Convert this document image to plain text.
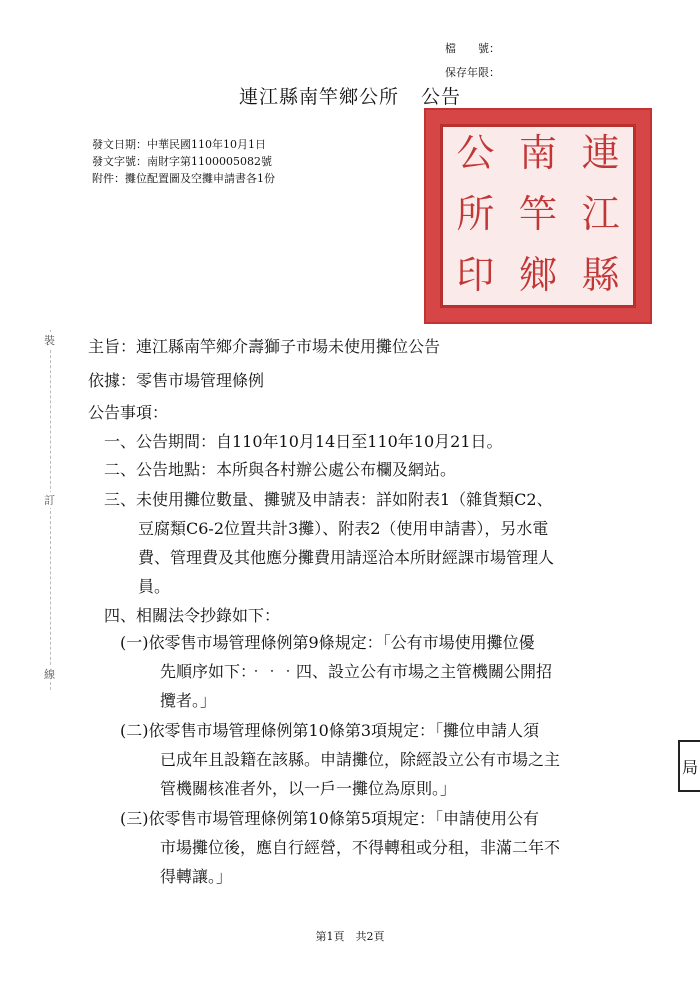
檔　　號：
保存年限：
連江縣南竿鄉公所 公告
發文日期：中華民國110年10月1日
發文字號：南財字第1100005082號
附件：攤位配置圖及空攤申請書各1份
連
江
縣
南
竿
鄉
公
所
印
裝
訂
線
主旨：連江縣南竿鄉介壽獅子市場未使用攤位公告
依據：零售市場管理條例
公告事項：
一、公告期間：自110年10月14日至110年10月21日。
二、公告地點：本所與各村辦公處公布欄及網站。
三、未使用攤位數量、攤號及申請表：詳如附表1（雜貨類C2、
豆腐類C6-2位置共計3攤）、附表2（使用申請書），另水電
費、管理費及其他應分攤費用請逕洽本所財經課市場管理人
員。
四、相關法令抄錄如下：
(一)依零售市場管理條例第9條規定：「公有市場使用攤位優
先順序如下：‧‧‧四、設立公有市場之主管機關公開招
攬者。」
(二)依零售市場管理條例第10條第3項規定：「攤位申請人須
已成年且設籍在該縣。申請攤位，除經設立公有市場之主
管機關核准者外，以一戶一攤位為原則。」
(三)依零售市場管理條例第10條第5項規定：「申請使用公有
市場攤位後，應自行經營，不得轉租或分租，非滿二年不
得轉讓。」
局
第1頁　共2頁
